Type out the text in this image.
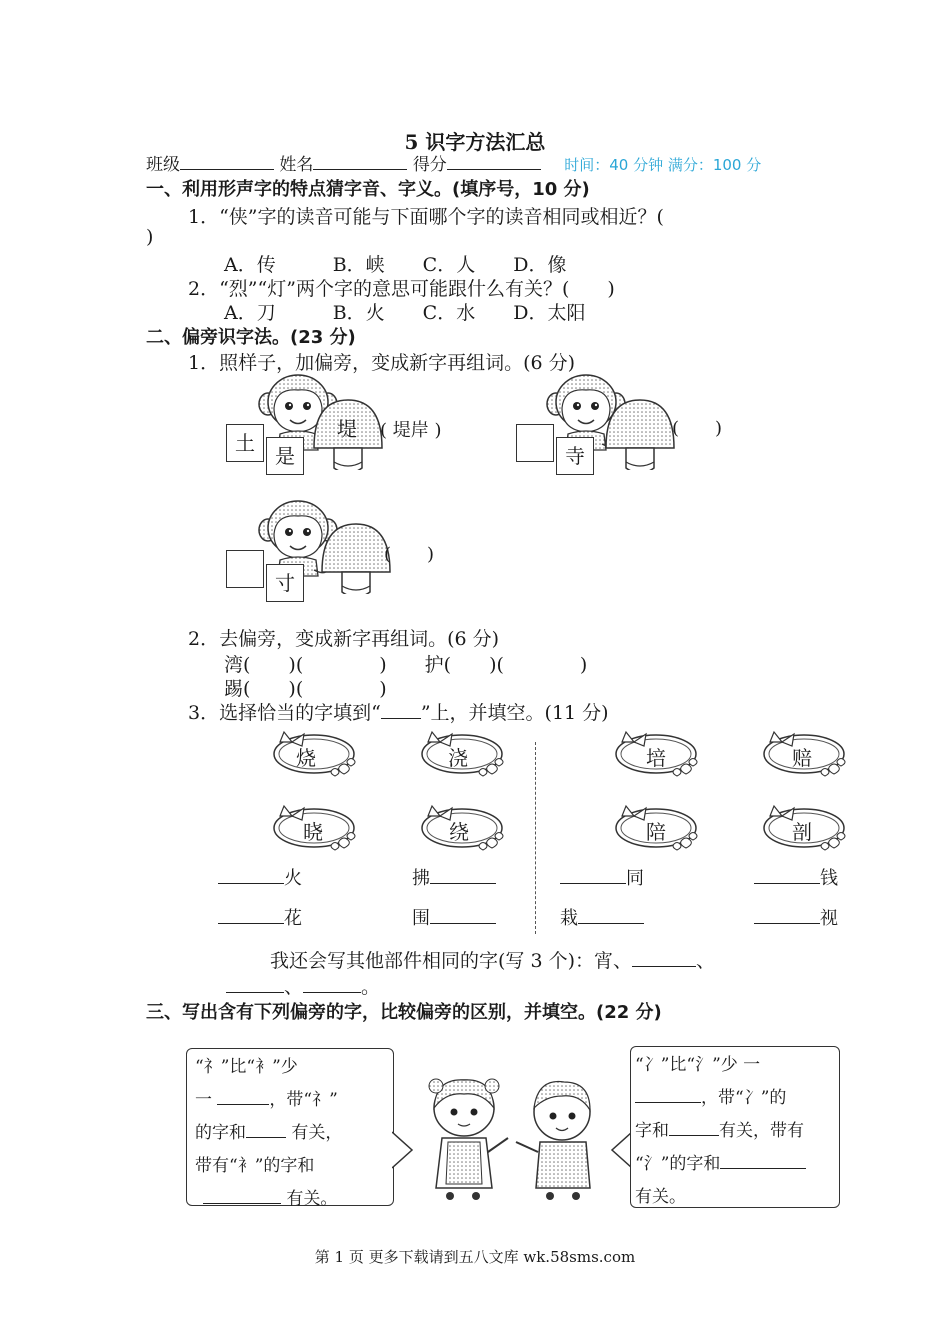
5 识字方法汇总
班级	姓名	得分	时间：40 分钟 满分：100 分
一、利用形声字的特点猜字音、字义。(填序号，10 分)
1．“侠”字的读音可能与下面哪个字的读音相同或相近？(
)
A．传　　　B．峡　　C．人　　D．像
2．“烈”“灯”两个字的意思可能跟什么有关？(　　)
A．刀　　　B．火　　C．水　　D．太阳
二、偏旁识字法。(23 分)
1．照样子，加偏旁，变成新字再组词。(6 分)
土
是
堤 ( 堤岸 )
寺
(　　)
寸
(　　)
2．去偏旁，变成新字再组词。(6 分)
湾(　　)(　　　　)　　护(　　)(　　　　)
踢(　　)(　　　　)
3．选择恰当的字填到“ ”上，并填空。(11 分)
烧	浇
晓	绕
培	赔
陪	剖
火	拂	同	钱
花	围	栽	视
我还会写其他部件相同的字(写 3 个)：宵、	、
、	。
三、写出含有下列偏旁的字，比较偏旁的区别，并填空。(22 分)
“礻”比“衤”少
一	，带“礻”
的字和	有关，
带有“衤”的字和
有关。
“冫”比“氵”少 一
，带“冫”的
字和	有关，带有
“氵”的字和
有关。
第 1 页 更多下载请到五八文库 wk.58sms.com
